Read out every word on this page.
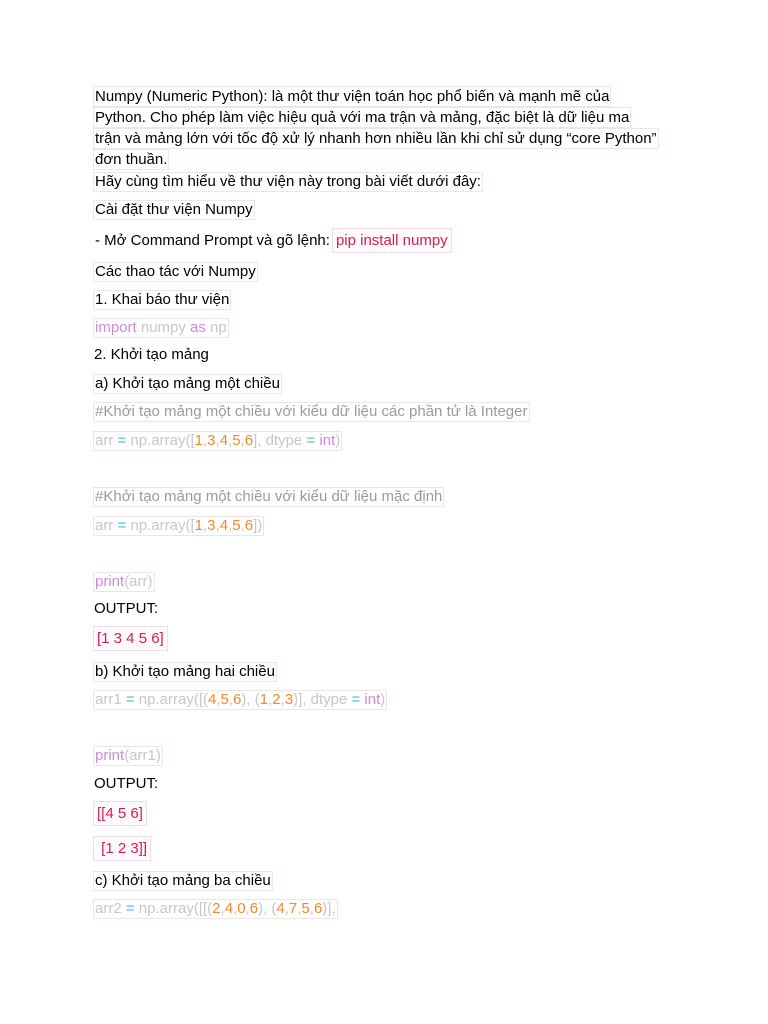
Numpy (Numeric Python): là một thư viện toán học phổ biến và mạnh mẽ của
Python. Cho phép làm việc hiệu quả với ma trận và mảng, đặc biệt là dữ liệu ma
trận và mảng lớn với tốc độ xử lý nhanh hơn nhiều lần khi chỉ sử dụng “core Python”
đơn thuần.
Hãy cùng tìm hiểu về thư viện này trong bài viết dưới đây:
Cài đặt thư viện Numpy
- Mở Command Prompt và gõ lệnh:pip install numpy
Các thao tác với Numpy
1. Khai báo thư viện
import numpy as np
2. Khởi tạo mảng
a) Khởi tạo mảng một chiều
#Khởi tạo mảng một chiều với kiểu dữ liệu các phần tử là Integer
arr = np.array([1,3,4,5,6], dtype = int)
#Khởi tạo mảng một chiều với kiểu dữ liệu mặc định
arr = np.array([1,3,4,5,6])
print(arr)
OUTPUT:
[1 3 4 5 6]
b) Khởi tạo mảng hai chiều
arr1 = np.array([(4,5,6), (1,2,3)], dtype = int)
print(arr1)
OUTPUT:
[[4 5 6]
[1 2 3]]
c) Khởi tạo mảng ba chiều
arr2 = np.array([[(2,4,0,6), (4,7,5,6)],
